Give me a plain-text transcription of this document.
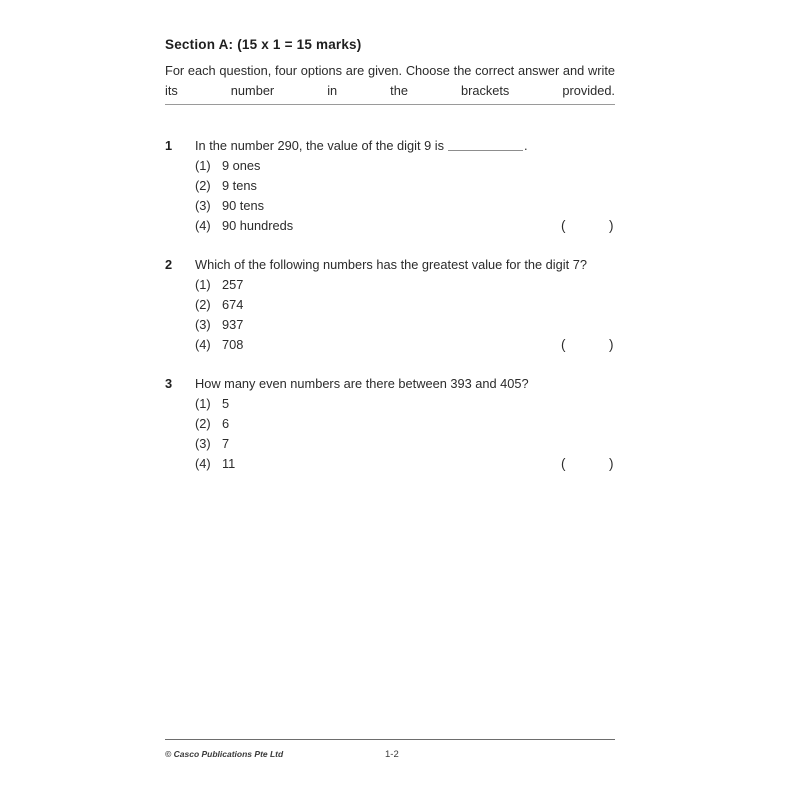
Section A: (15 x 1 = 15 marks)
For each question, four options are given. Choose the correct answer and write its number in the brackets provided.
1	In the number 290, the value of the digit 9 is	.
(1) 9 ones
(2) 9 tens
(3) 90 tens
(4) 90 hundreds	(	)
2	Which of the following numbers has the greatest value for the digit 7?
(1) 257
(2) 674
(3) 937
(4) 708	(	)
3	How many even numbers are there between 393 and 405?
(1) 5
(2) 6
(3) 7
(4) 11	(	)
© Casco Publications Pte Ltd	1-2
